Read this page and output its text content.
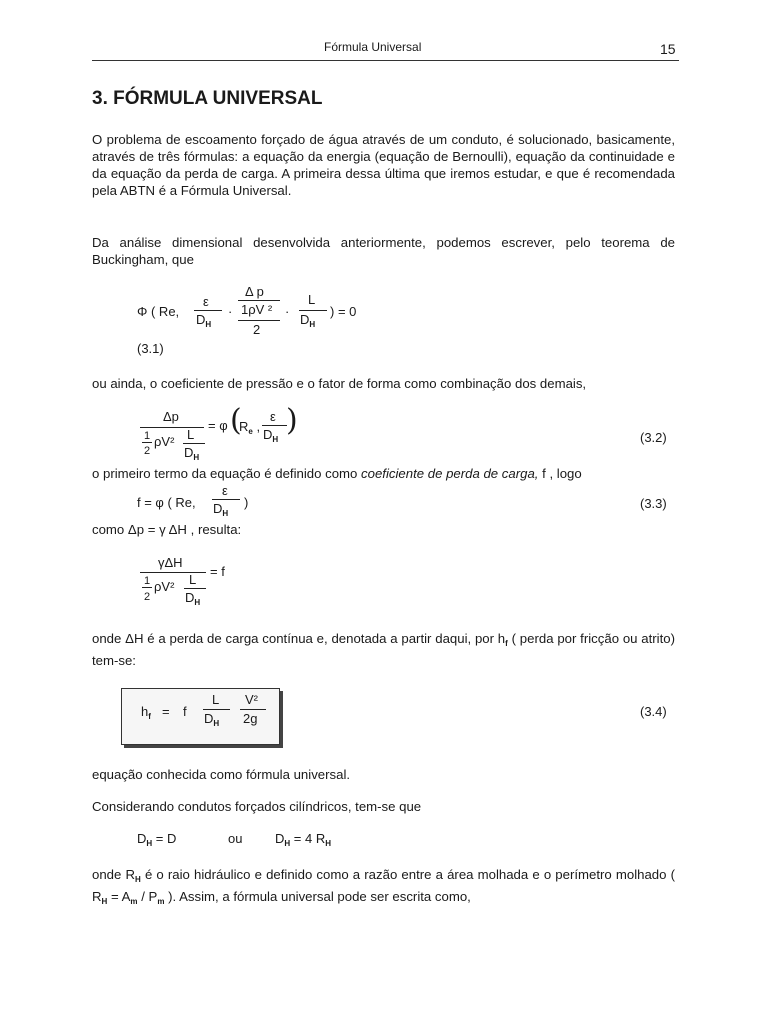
Fórmula Universal	15
3. FÓRMULA UNIVERSAL
O problema de escoamento forçado de água através de um conduto, é solucionado, basicamente, através de três fórmulas: a equação da energia (equação de Bernoulli), equação da continuidade e da equação da perda de carga. A primeira dessa última que iremos estudar, e que é recomendada pela ABTN é a Fórmula Universal.
Da análise dimensional desenvolvida anteriormente, podemos escrever, pelo teorema de Buckingham, que
Φ ( Re,
ε
$D_H$
·
Δ p
1ρV ²
2
·
L
$D_H$
) = 0
(3.1)
ou ainda, o coeficiente de pressão e o fator de forma como combinação dos demais,
Δp
1
2
ρV² L
$D_H$
= φ (
$R_e$ ,
ε
$D_H$
)	(3.2)
o primeiro termo da equação é definido como coeficiente de perda de carga, f , logo
f = φ ( Re,
ε
$D_H$
)	(3.3)
como Δp = γ ΔH , resulta:
γΔH
= f
1
2
ρV² L
$D_H$
onde ΔH é a perda de carga contínua e, denotada a partir daqui, por $h_f$ ( perda por fricção ou atrito) tem-se:
$h_f = f$
L
$D_H$
V²
2g	(3.4)
equação conhecida como fórmula universal.
Considerando condutos forçados cilíndricos, tem-se que
$D_H = D$	ou	$D_H = 4$ $R_H$
onde $R_H$ é o raio hidráulico e definido como a razão entre a área molhada e o perímetro molhado ( $R_H = A_m / P_m$ ). Assim, a fórmula universal pode ser escrita como,
